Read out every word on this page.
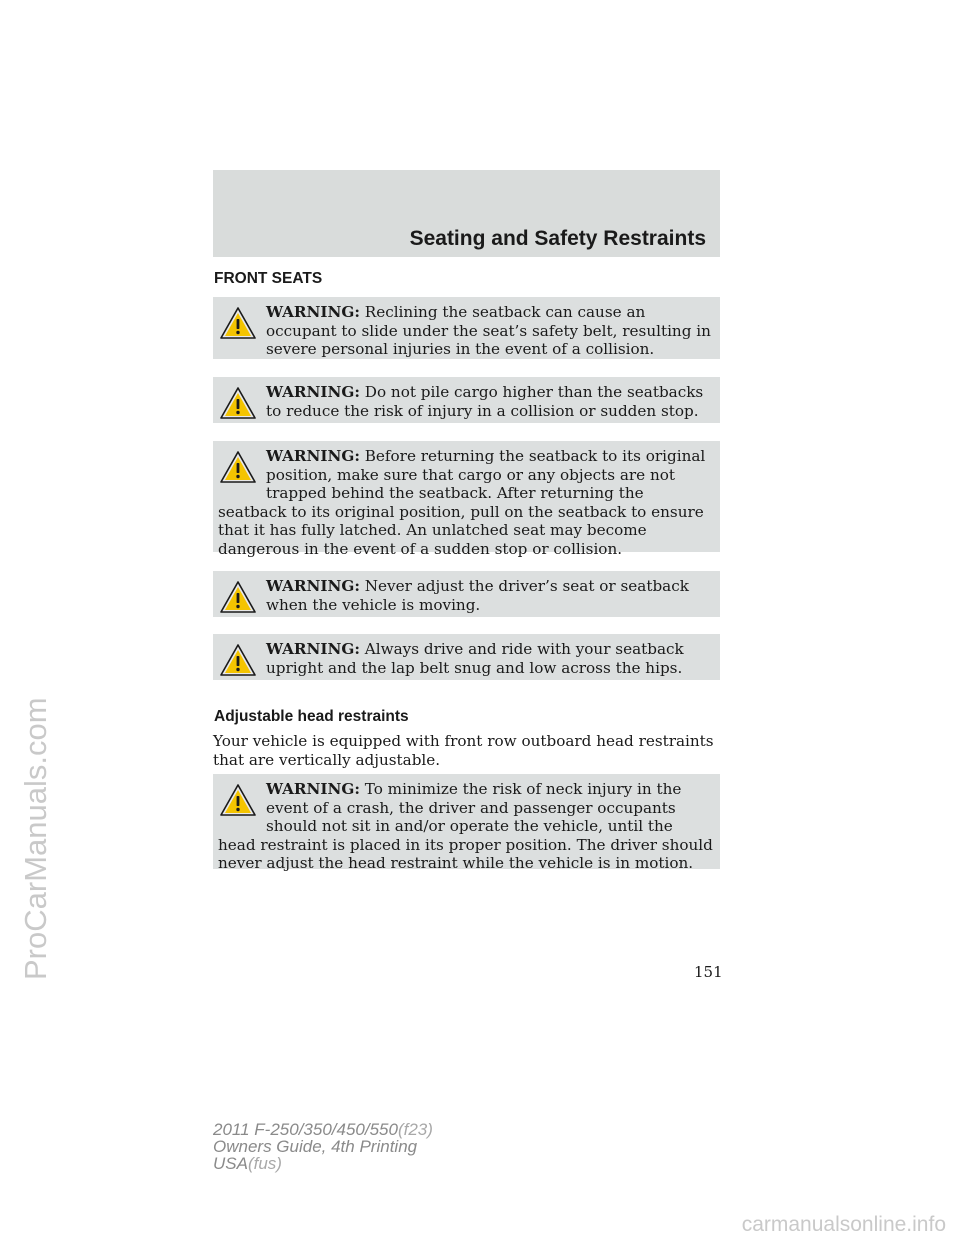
Seating and Safety Restraints
FRONT SEATS
WARNING: Reclining the seatback can cause an occupant to slide under the seat’s safety belt, resulting in severe personal injuries in the event of a collision.
WARNING: Do not pile cargo higher than the seatbacks to reduce the risk of injury in a collision or sudden stop.
WARNING: Before returning the seatback to its original position, make sure that cargo or any objects are not trapped behind the seatback. After returning the seatback to its original position, pull on the seatback to ensure that it has fully latched. An unlatched seat may become dangerous in the event of a sudden stop or collision.
WARNING: Never adjust the driver’s seat or seatback when the vehicle is moving.
WARNING: Always drive and ride with your seatback upright and the lap belt snug and low across the hips.
Adjustable head restraints
Your vehicle is equipped with front row outboard head restraints that are vertically adjustable.
WARNING: To minimize the risk of neck injury in the event of a crash, the driver and passenger occupants should not sit in and/or operate the vehicle, until the head restraint is placed in its proper position. The driver should never adjust the head restraint while the vehicle is in motion.
151
2011 F-250/350/450/550(f23)
Owners Guide, 4th Printing
USA(fus)
ProCarManuals.com
carmanualsonline.info
